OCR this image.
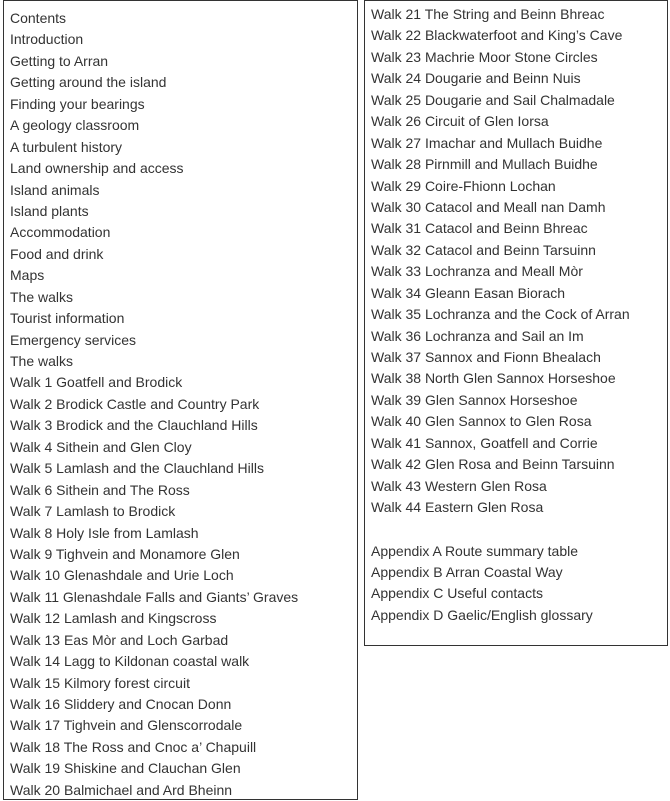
Contents
Introduction
Getting to Arran
Getting around the island
Finding your bearings
A geology classroom
A turbulent history
Land ownership and access
Island animals
Island plants
Accommodation
Food and drink
Maps
The walks
Tourist information
Emergency services
The walks
Walk 1 Goatfell and Brodick
Walk 2 Brodick Castle and Country Park
Walk 3 Brodick and the Clauchland Hills
Walk 4 Sithein and Glen Cloy
Walk 5 Lamlash and the Clauchland Hills
Walk 6 Sithein and The Ross
Walk 7 Lamlash to Brodick
Walk 8 Holy Isle from Lamlash
Walk 9 Tighvein and Monamore Glen
Walk 10 Glenashdale and Urie Loch
Walk 11 Glenashdale Falls and Giants’ Graves
Walk 12 Lamlash and Kingscross
Walk 13 Eas Mòr and Loch Garbad
Walk 14 Lagg to Kildonan coastal walk
Walk 15 Kilmory forest circuit
Walk 16 Sliddery and Cnocan Donn
Walk 17 Tighvein and Glenscorrodale
Walk 18 The Ross and Cnoc a’ Chapuill
Walk 19 Shiskine and Clauchan Glen
Walk 20 Balmichael and Ard Bheinn
Walk 21 The String and Beinn Bhreac
Walk 22 Blackwaterfoot and King’s Cave
Walk 23 Machrie Moor Stone Circles
Walk 24 Dougarie and Beinn Nuis
Walk 25 Dougarie and Sail Chalmadale
Walk 26 Circuit of Glen Iorsa
Walk 27 Imachar and Mullach Buidhe
Walk 28 Pirnmill and Mullach Buidhe
Walk 29 Coire-Fhionn Lochan
Walk 30 Catacol and Meall nan Damh
Walk 31 Catacol and Beinn Bhreac
Walk 32 Catacol and Beinn Tarsuinn
Walk 33 Lochranza and Meall Mòr
Walk 34 Gleann Easan Biorach
Walk 35 Lochranza and the Cock of Arran
Walk 36 Lochranza and Sail an Im
Walk 37 Sannox and Fionn Bhealach
Walk 38 North Glen Sannox Horseshoe
Walk 39 Glen Sannox Horseshoe
Walk 40 Glen Sannox to Glen Rosa
Walk 41 Sannox, Goatfell and Corrie
Walk 42 Glen Rosa and Beinn Tarsuinn
Walk 43 Western Glen Rosa
Walk 44 Eastern Glen Rosa
Appendix A Route summary table
Appendix B Arran Coastal Way
Appendix C Useful contacts
Appendix D Gaelic/English glossary
